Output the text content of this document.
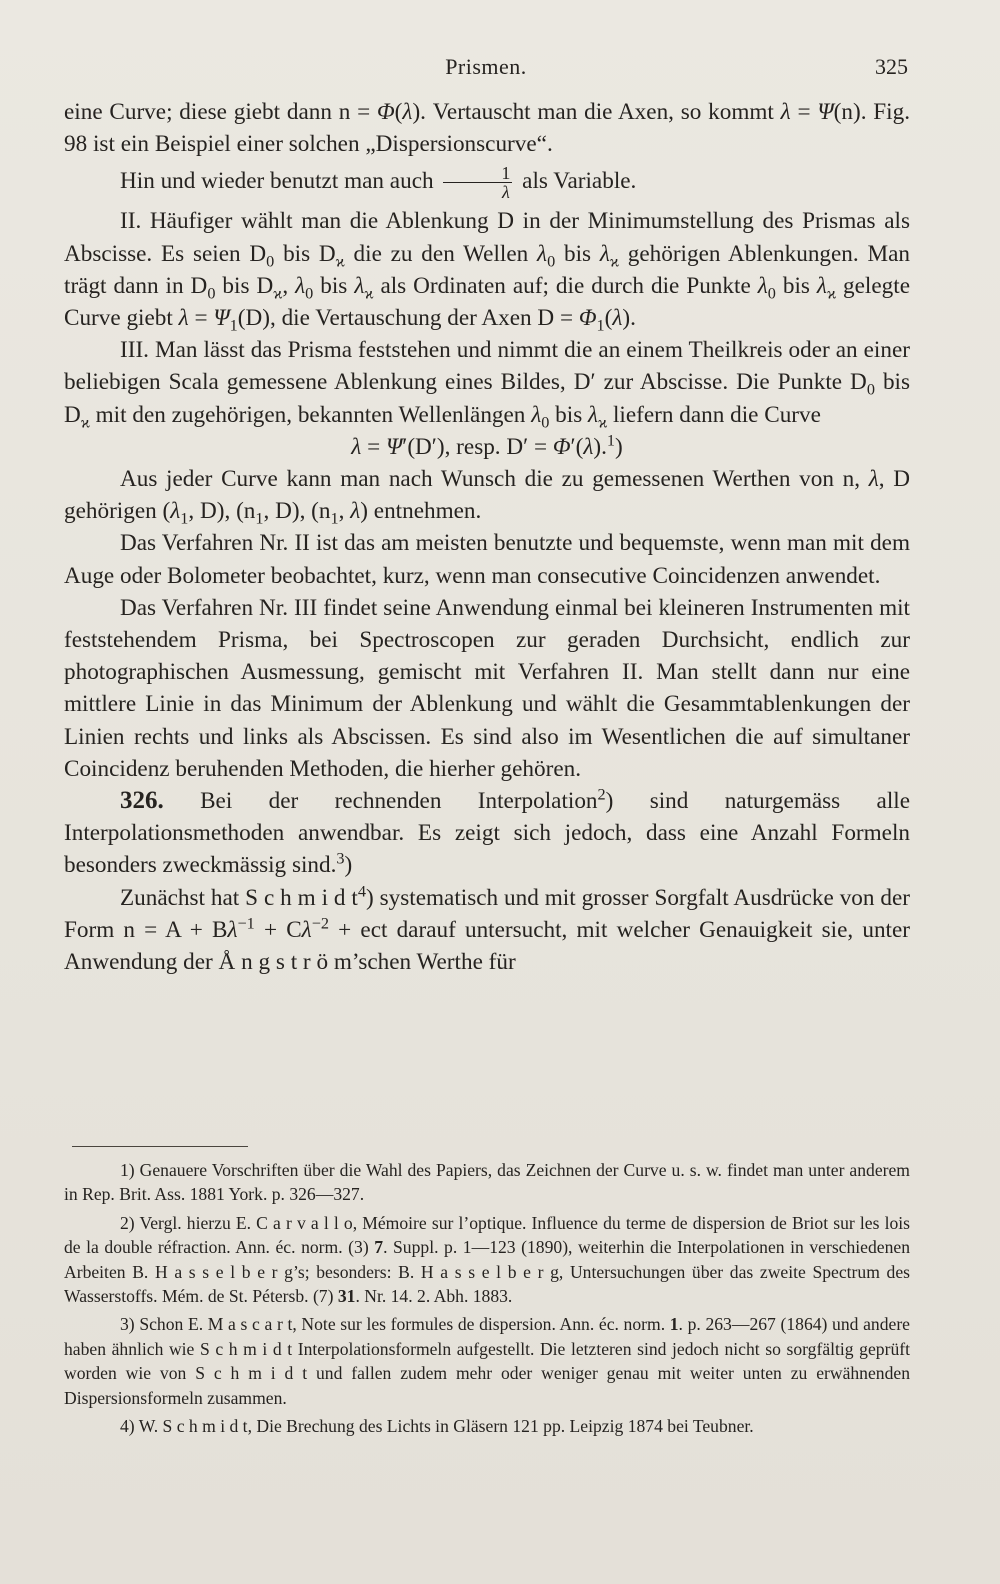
Prismen.	325

eine Curve; diese giebt dann n = Φ(λ). Vertauscht man die Axen, so kommt λ = Ψ(n). Fig. 98 ist ein Beispiel einer solchen „Dispersionscurve“.

Hin und wieder benutzt man auch $\frac{1}{\lambda}$ als Variable.

II. Häufiger wählt man die Ablenkung D in der Minimumstellung des Prismas als Abscisse. Es seien $D_0$ bis $D_ϰ$ die zu den Wellen $\lambda_0$ bis $\lambda_ϰ$ gehörigen Ablenkungen. Man trägt dann in $D_0$ bis $D_ϰ$, $\lambda_0$ bis $\lambda_ϰ$ als Ordinaten auf; die durch die Punkte $\lambda_0$ bis $\lambda_ϰ$ gelegte Curve giebt $\lambda = \Psi_1(D)$, die Vertauschung der Axen $D = \Phi_1(\lambda)$.

III. Man lässt das Prisma feststehen und nimmt die an einem Theilkreis oder an einer beliebigen Scala gemessene Ablenkung eines Bildes, D′ zur Abscisse. Die Punkte $D_0$ bis $D_ϰ$ mit den zugehörigen, bekannten Wellenlängen $\lambda_0$ bis $\lambda_ϰ$ liefern dann die Curve

λ = Ψ′(D′), resp. D′ = Φ′(λ).$^1$)

Aus jeder Curve kann man nach Wunsch die zu gemessenen Werthen von n, λ, D gehörigen ($\lambda_1$, D), ($n_1$, D), ($n_1$, λ) entnehmen.

Das Verfahren Nr. II ist das am meisten benutzte und bequemste, wenn man mit dem Auge oder Bolometer beobachtet, kurz, wenn man consecutive Coincidenzen anwendet.

Das Verfahren Nr. III findet seine Anwendung einmal bei kleineren Instrumenten mit feststehendem Prisma, bei Spectroscopen zur geraden Durchsicht, endlich zur photographischen Ausmessung, gemischt mit Verfahren II. Man stellt dann nur eine mittlere Linie in das Minimum der Ablenkung und wählt die Gesammtablenkungen der Linien rechts und links als Abscissen. Es sind also im Wesentlichen die auf simultaner Coincidenz beruhenden Methoden, die hierher gehören.

326. Bei der rechnenden Interpolation$^2$) sind naturgemäss alle Interpolationsmethoden anwendbar. Es zeigt sich jedoch, dass eine Anzahl Formeln besonders zweckmässig sind.$^3$)

Zunächst hat S c h m i d $t^4$) systematisch und mit grosser Sorgfalt Ausdrücke von der Form $n = A + B\lambda^{-1} + C\lambda^{-2}$ + ect darauf untersucht, mit welcher Genauigkeit sie, unter Anwendung der Å n g s t r ö m’schen Werthe für

1) Genauere Vorschriften über die Wahl des Papiers, das Zeichnen der Curve u. s. w. findet man unter anderem in Rep. Brit. Ass. 1881 York. p. 326—327.

2) Vergl. hierzu E. C a r v a l l o, Mémoire sur l’optique. Influence du terme de dispersion de Briot sur les lois de la double réfraction. Ann. éc. norm. (3) 7. Suppl. p. 1—123 (1890), weiterhin die Interpolationen in verschiedenen Arbeiten B. H a s s e l b e r g’s; besonders: B. H a s s e l b e r g, Untersuchungen über das zweite Spectrum des Wasserstoffs. Mém. de St. Pétersb. (7) 31. Nr. 14. 2. Abh. 1883.

3) Schon E. M a s c a r t, Note sur les formules de dispersion. Ann. éc. norm. 1. p. 263—267 (1864) und andere haben ähnlich wie S c h m i d t Interpolationsformeln aufgestellt. Die letzteren sind jedoch nicht so sorgfältig geprüft worden wie von S c h m i d t und fallen zudem mehr oder weniger genau mit weiter unten zu erwähnenden Dispersionsformeln zusammen.

4) W. S c h m i d t, Die Brechung des Lichts in Gläsern 121 pp. Leipzig 1874 bei Teubner.
